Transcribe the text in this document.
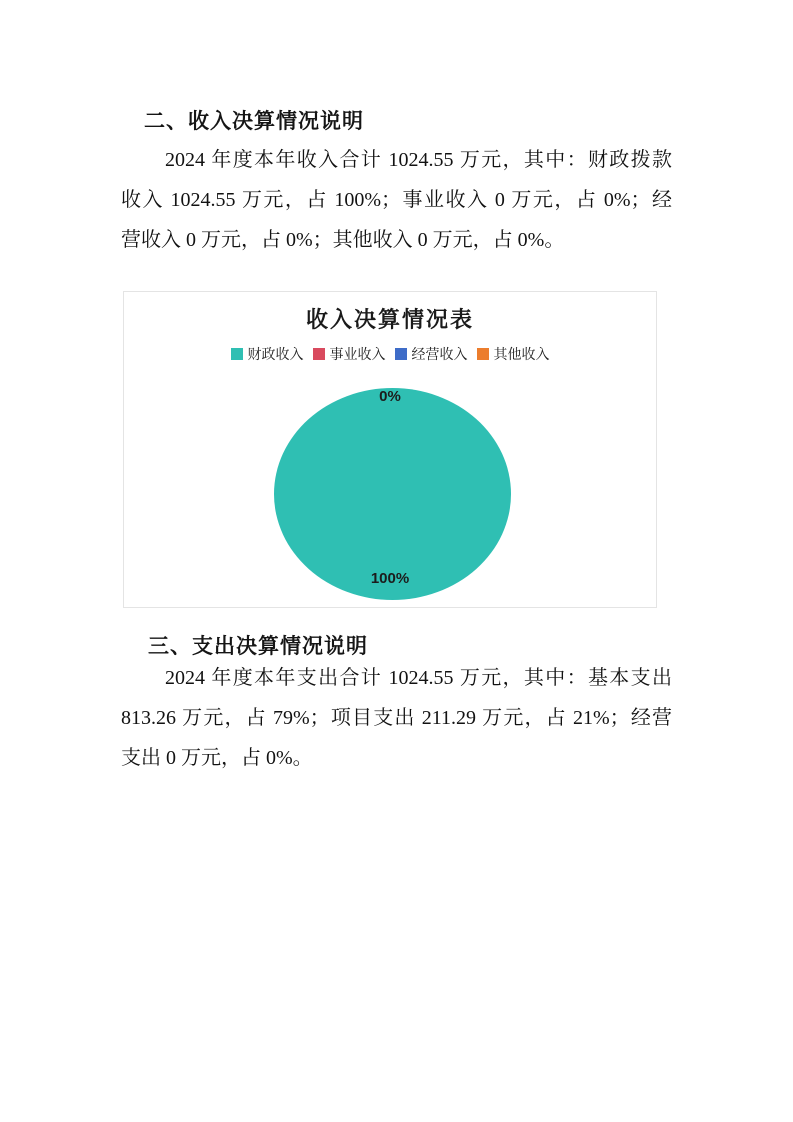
二、收入决算情况说明
2024 年度本年收入合计 1024.55 万元，其中：财政拨款
收入 1024.55 万元，占 100%；事业收入 0 万元，占 0%；经
营收入 0 万元，占 0%；其他收入 0 万元，占 0%。
收入决算情况表
财政收入 事业收入 经营收入 其他收入
0%
100%
三、支出决算情况说明
2024 年度本年支出合计 1024.55 万元，其中：基本支出
813.26 万元，占 79%；项目支出 211.29 万元，占 21%；经营
支出 0 万元，占 0%。
